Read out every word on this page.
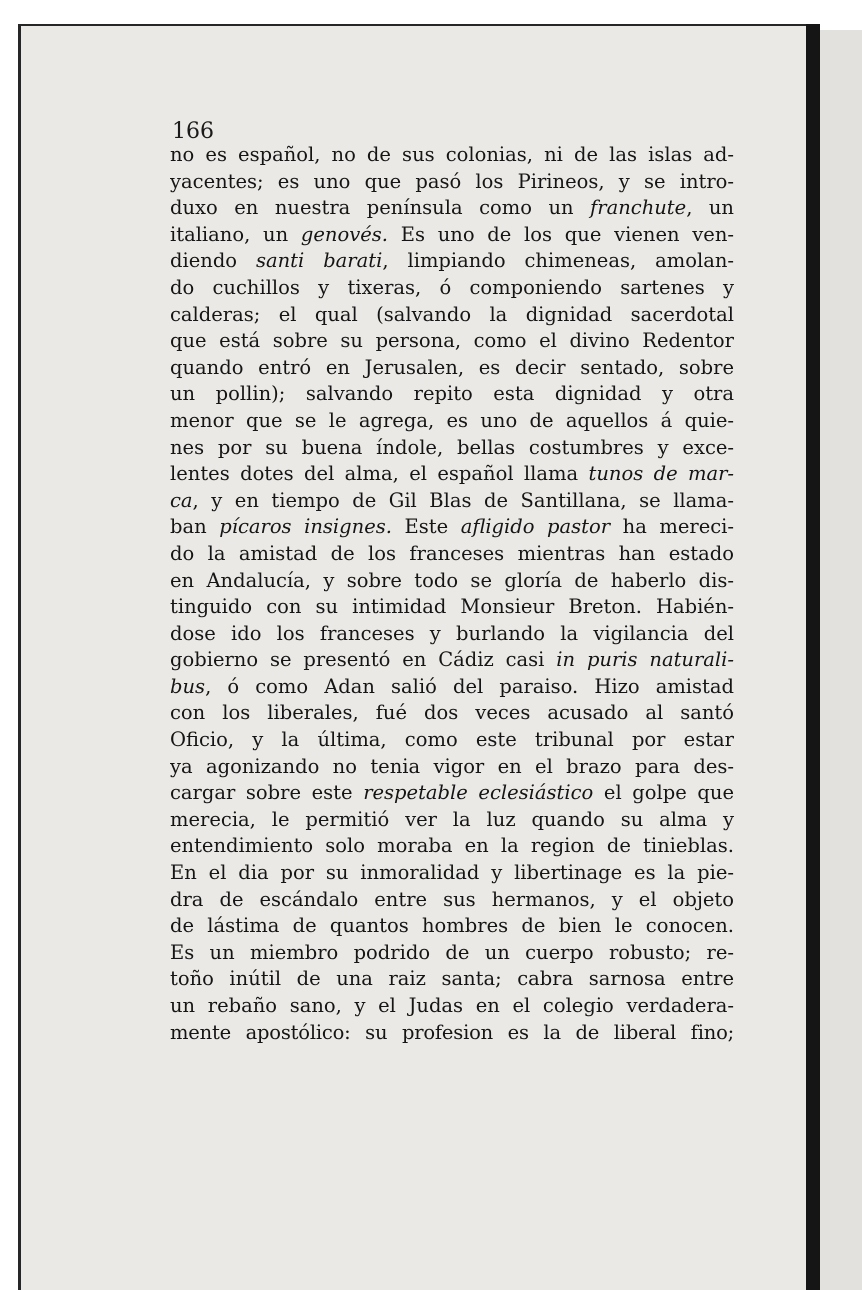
166
no es español, no de sus colonias, ni de las islas ad-
yacentes; es uno que pasó los Pirineos, y se intro-
duxo en nuestra península como un franchute, un
italiano, un genovés. Es uno de los que vienen ven-
diendo santi barati, limpiando chimeneas, amolan-
do cuchillos y tixeras, ó componiendo sartenes y
calderas; el qual (salvando la dignidad sacerdotal
que está sobre su persona, como el divino Redentor
quando entró en Jerusalen, es decir sentado, sobre
un pollin); salvando repito esta dignidad y otra
menor que se le agrega, es uno de aquellos á quie-
nes por su buena índole, bellas costumbres y exce-
lentes dotes del alma, el español llama tunos de mar-
ca, y en tiempo de Gil Blas de Santillana, se llama-
ban pícaros insignes. Este afligido pastor ha mereci-
do la amistad de los franceses mientras han estado
en Andalucía, y sobre todo se gloría de haberlo dis-
tinguido con su intimidad Monsieur Breton. Habién-
dose ido los franceses y burlando la vigilancia del
gobierno se presentó en Cádiz casi in puris naturali-
bus, ó como Adan salió del paraiso. Hizo amistad
con los liberales, fué dos veces acusado al santó
Oficio, y la última, como este tribunal por estar
ya agonizando no tenia vigor en el brazo para des-
cargar sobre este respetable eclesiástico el golpe que
merecia, le permitió ver la luz quando su alma y
entendimiento solo moraba en la region de tinieblas.
En el dia por su inmoralidad y libertinage es la pie-
dra de escándalo entre sus hermanos, y el objeto
de lástima de quantos hombres de bien le conocen.
Es un miembro podrido de un cuerpo robusto; re-
toño inútil de una raiz santa; cabra sarnosa entre
un rebaño sano, y el Judas en el colegio verdadera-
mente apostólico: su profesion es la de liberal fino;
